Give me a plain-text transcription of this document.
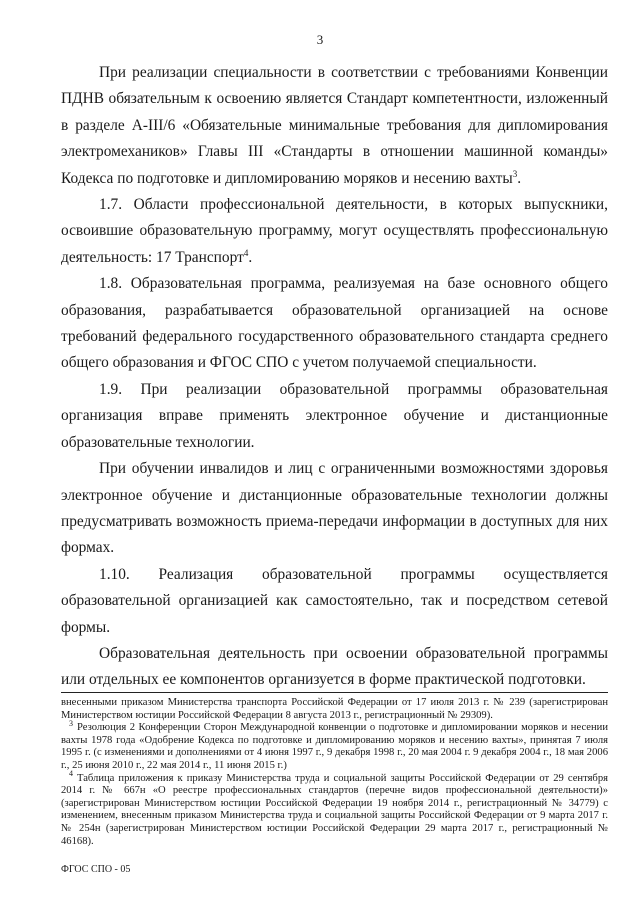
3

При реализации специальности в соответствии с требованиями Конвенции ПДНВ обязательным к освоению является Стандарт компетентности, изложенный в разделе А-III/6 «Обязательные минимальные требования для дипломирования электромехаников» Главы III «Стандарты в отношении машинной команды» Кодекса по подготовке и дипломированию моряков и несению вахты$^3$.

1.7. Области профессиональной деятельности, в которых выпускники, освоившие образовательную программу, могут осуществлять профессиональную деятельность: 17 Транспорт$^4$.

1.8. Образовательная программа, реализуемая на базе основного общего образования, разрабатывается образовательной организацией на основе требований федерального государственного образовательного стандарта среднего общего образования и ФГОС СПО с учетом получаемой специальности.

1.9. При реализации образовательной программы образовательная организация вправе применять электронное обучение и дистанционные образовательные технологии.

При обучении инвалидов и лиц с ограниченными возможностями здоровья электронное обучение и дистанционные образовательные технологии должны предусматривать возможность приема-передачи информации в доступных для них формах.

1.10. Реализация образовательной программы осуществляется образовательной организацией как самостоятельно, так и посредством сетевой формы.

Образовательная деятельность при освоении образовательной программы или отдельных ее компонентов организуется в форме практической подготовки.

внесенными приказом Министерства транспорта Российской Федерации от 17 июля 2013 г. № 239 (зарегистрирован Министерством юстиции Российской Федерации 8 августа 2013 г., регистрационный № 29309).

$^3$ Резолюция 2 Конференции Сторон Международной конвенции о подготовке и дипломировании моряков и несении вахты 1978 года «Одобрение Кодекса по подготовке и дипломированию моряков и несению вахты», принятая 7 июля 1995 г. (с изменениями и дополнениями от 4 июня 1997 г., 9 декабря 1998 г., 20 мая 2004 г. 9 декабря 2004 г., 18 мая 2006 г., 25 июня 2010 г., 22 мая 2014 г., 11 июня 2015 г.)

$^4$ Таблица приложения к приказу Министерства труда и социальной защиты Российской Федерации от 29 сентября 2014 г. № 667н «О реестре профессиональных стандартов (перечне видов профессиональной деятельности)» (зарегистрирован Министерством юстиции Российской Федерации 19 ноября 2014 г., регистрационный № 34779) с изменением, внесенным приказом Министерства труда и социальной защиты Российской Федерации от 9 марта 2017 г. № 254н (зарегистрирован Министерством юстиции Российской Федерации 29 марта 2017 г., регистрационный № 46168).

ФГОС СПО - 05
